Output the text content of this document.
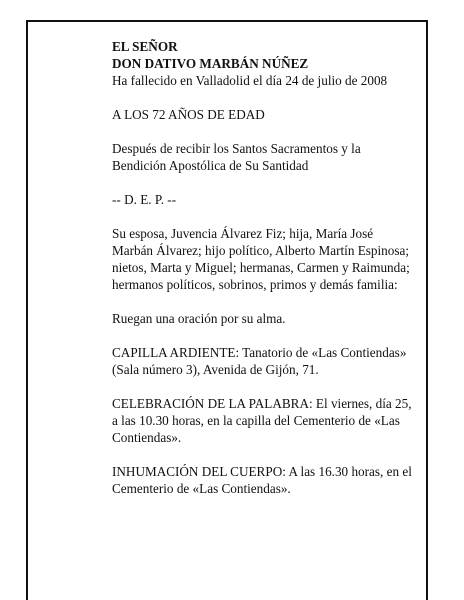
EL SEÑOR

DON DATIVO MARBÁN NÚÑEZ

Ha fallecido en Valladolid el día 24 de julio de 2008

A LOS 72 AÑOS DE EDAD

Después de recibir los Santos Sacramentos y la Bendición Apostólica de Su Santidad

-- D. E. P. --

Su esposa, Juvencia Álvarez Fiz; hija, María José Marbán Álvarez; hijo político, Alberto Martín Espinosa; nietos, Marta y Miguel; hermanas, Carmen y Raimunda; hermanos políticos, sobrinos, primos y demás familia:

Ruegan una oración por su alma.

CAPILLA ARDIENTE: Tanatorio de «Las Contiendas» (Sala número 3), Avenida de Gijón, 71.

CELEBRACIÓN DE LA PALABRA: El viernes, día 25, a las 10.30 horas, en la capilla del Cementerio de «Las Contiendas».

INHUMACIÓN DEL CUERPO: A las 16.30 horas, en el Cementerio de «Las Contiendas».
